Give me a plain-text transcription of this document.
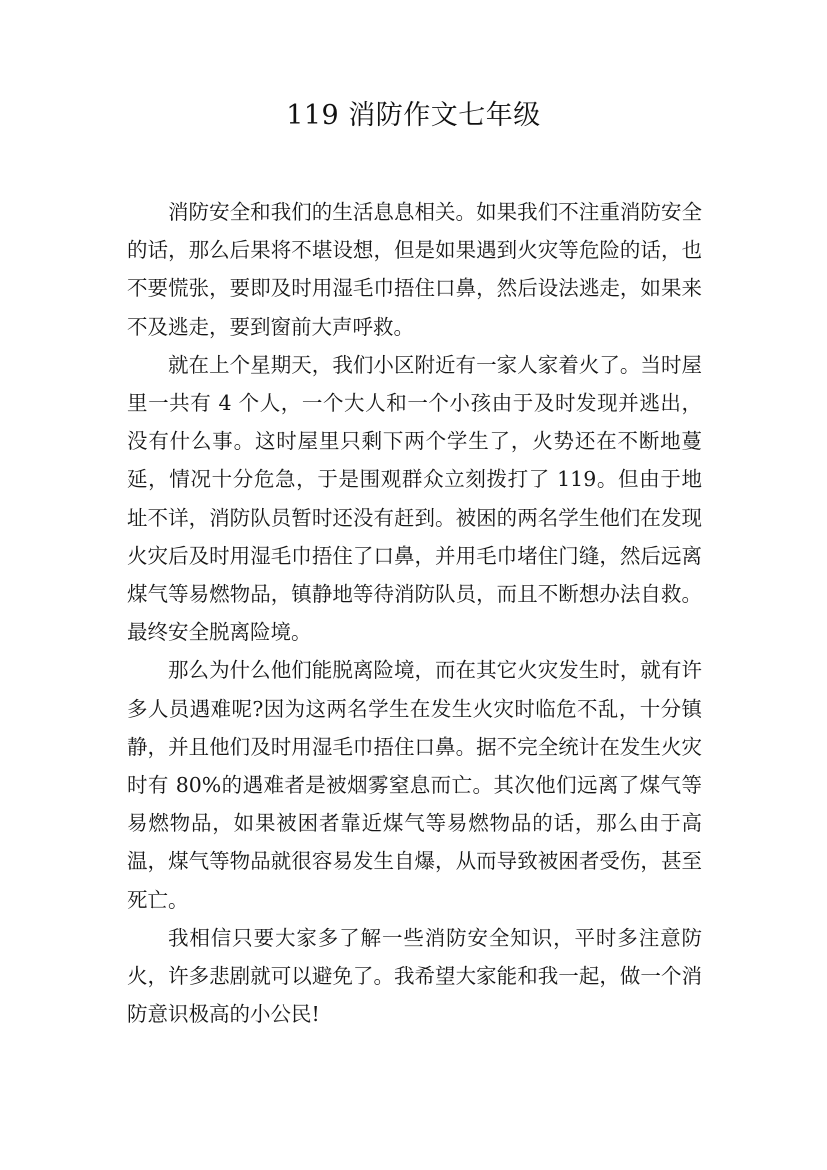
119 消防作文七年级

消防安全和我们的生活息息相关。如果我们不注重消防安全的话，那么后果将不堪设想，但是如果遇到火灾等危险的话，也不要慌张，要即及时用湿毛巾捂住口鼻，然后设法逃走，如果来不及逃走，要到窗前大声呼救。

就在上个星期天，我们小区附近有一家人家着火了。当时屋里一共有 4 个人，一个大人和一个小孩由于及时发现并逃出，没有什么事。这时屋里只剩下两个学生了，火势还在不断地蔓延，情况十分危急，于是围观群众立刻拨打了 119。但由于地址不详，消防队员暂时还没有赶到。被困的两名学生他们在发现火灾后及时用湿毛巾捂住了口鼻，并用毛巾堵住门缝，然后远离煤气等易燃物品，镇静地等待消防队员，而且不断想办法自救。最终安全脱离险境。

那么为什么他们能脱离险境，而在其它火灾发生时，就有许多人员遇难呢?因为这两名学生在发生火灾时临危不乱，十分镇静，并且他们及时用湿毛巾捂住口鼻。据不完全统计在发生火灾时有 80%的遇难者是被烟雾窒息而亡。其次他们远离了煤气等易燃物品，如果被困者靠近煤气等易燃物品的话，那么由于高温，煤气等物品就很容易发生自爆，从而导致被困者受伤，甚至死亡。

我相信只要大家多了解一些消防安全知识，平时多注意防火，许多悲剧就可以避免了。我希望大家能和我一起，做一个消防意识极高的小公民!
